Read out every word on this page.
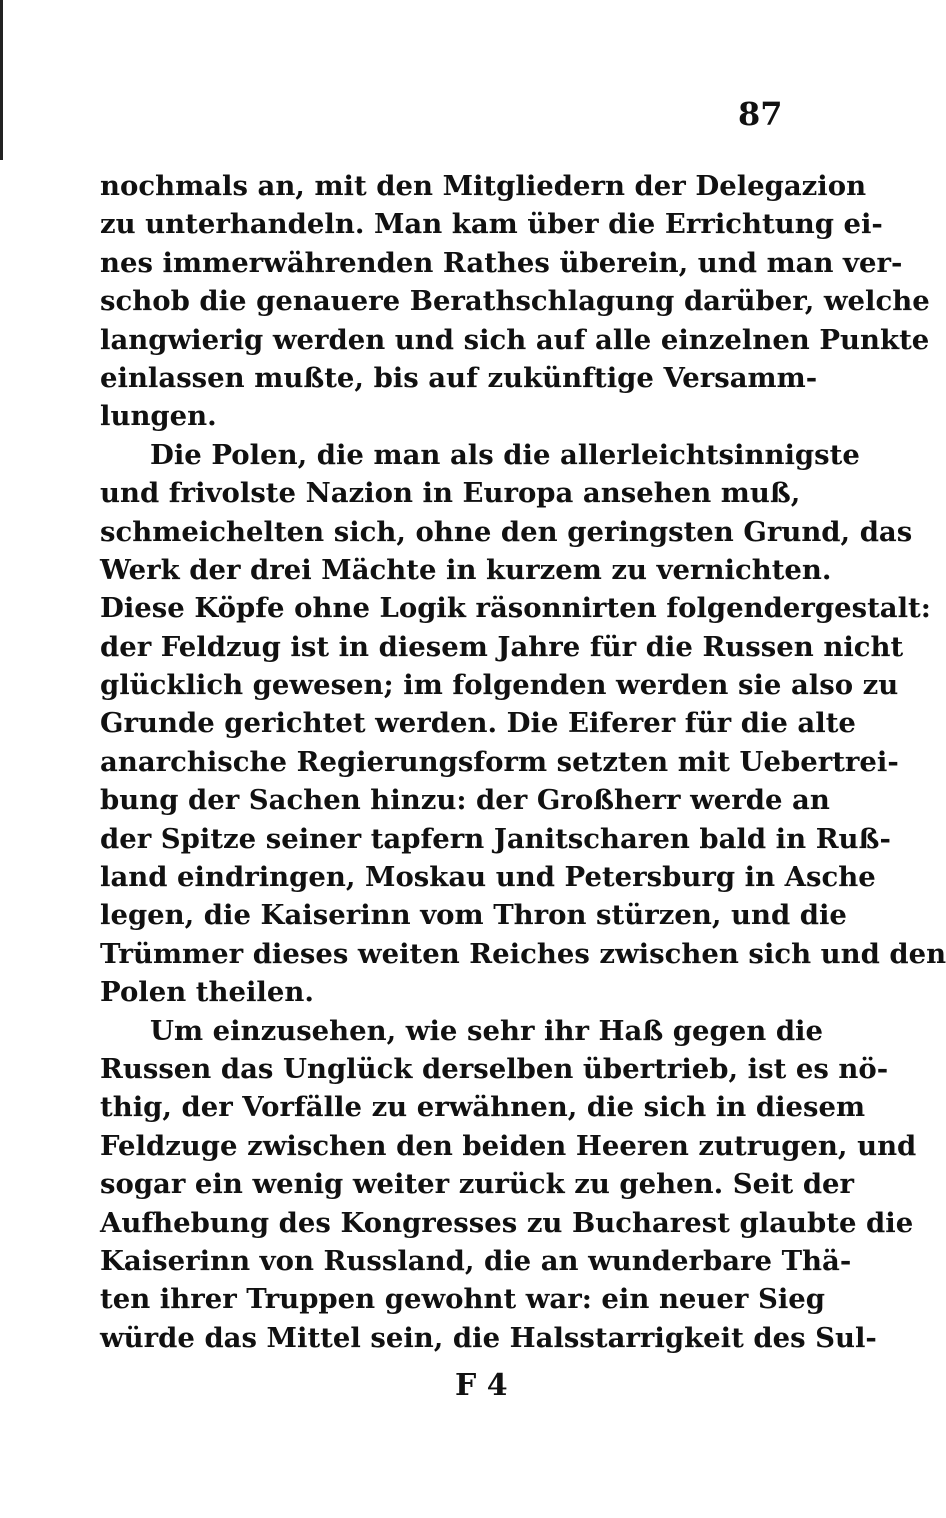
87
nochmals an, mit den Mitgliedern der Delegazion
zu unterhandeln. Man kam über die Errichtung ei-
nes immerwährenden Rathes überein, und man ver-
schob die genauere Berathschlagung darüber, welche
langwierig werden und sich auf alle einzelnen Punkte
einlassen mußte, bis auf zukünftige Versamm-
lungen.
Die Polen, die man als die allerleichtsinnigste
und frivolste Nazion in Europa ansehen muß,
schmeichelten sich, ohne den geringsten Grund, das
Werk der drei Mächte in kurzem zu vernichten.
Diese Köpfe ohne Logik räsonnirten folgendergestalt:
der Feldzug ist in diesem Jahre für die Russen nicht
glücklich gewesen; im folgenden werden sie also zu
Grunde gerichtet werden. Die Eiferer für die alte
anarchische Regierungsform setzten mit Uebertrei-
bung der Sachen hinzu: der Großherr werde an
der Spitze seiner tapfern Janitscharen bald in Ruß-
land eindringen, Moskau und Petersburg in Asche
legen, die Kaiserinn vom Thron stürzen, und die
Trümmer dieses weiten Reiches zwischen sich und den
Polen theilen.
Um einzusehen, wie sehr ihr Haß gegen die
Russen das Unglück derselben übertrieb, ist es nö-
thig, der Vorfälle zu erwähnen, die sich in diesem
Feldzuge zwischen den beiden Heeren zutrugen, und
sogar ein wenig weiter zurück zu gehen. Seit der
Aufhebung des Kongresses zu Bucharest glaubte die
Kaiserinn von Russland, die an wunderbare Thä-
ten ihrer Truppen gewohnt war: ein neuer Sieg
würde das Mittel sein, die Halsstarrigkeit des Sul-
F 4
